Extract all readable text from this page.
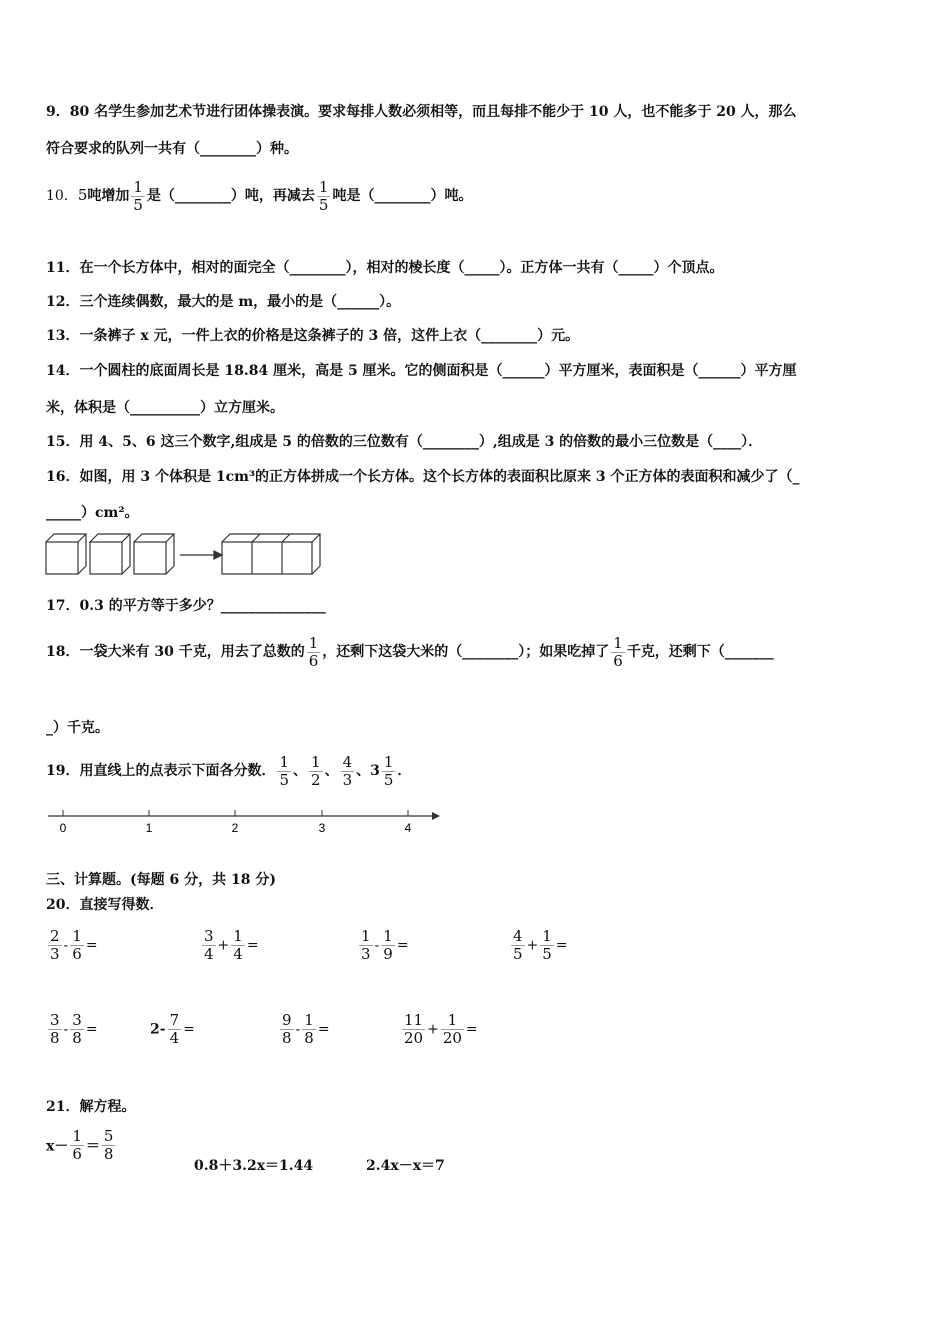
9．80 名学生参加艺术节进行团体操表演。要求每排人数必须相等，而且每排不能少于 10 人，也不能多于 20 人，那么
符合要求的队列一共有（________）种。
10．5吨增加 $\frac{1}{5}$ 是（________）吨，再减去 $\frac{1}{5}$ 吨是（________）吨。
11．在一个长方体中，相对的面完全（________），相对的棱长度（_____）。正方体一共有（_____）个顶点。
12．三个连续偶数，最大的是 m，最小的是（______）。
13．一条裤子 x 元，一件上衣的价格是这条裤子的 3 倍，这件上衣（________）元。
14．一个圆柱的底面周长是 18.84 厘米，高是 5 厘米。它的侧面积是（______）平方厘米，表面积是（______）平方厘
米，体积是（__________）立方厘米。
15．用 4、5、6 这三个数字,组成是 5 的倍数的三位数有（________）,组成是 3 的倍数的最小三位数是（____）．
16．如图，用 3 个体积是 1cm³的正方体拼成一个长方体。这个长方体的表面积比原来 3 个正方体的表面积和减少了（_
_____）cm²。
17．0.3 的平方等于多少？_______________
18．一袋大米有 30 千克，用去了总数的 $\frac{1}{6}$ ，还剩下这袋大米的（________）；如果吃掉了 $\frac{1}{6}$ 千克，还剩下（_______
_）千克。
19．用直线上的点表示下面各分数． $\frac{1}{5}$ 、 $\frac{1}{2}$ 、 $\frac{4}{3}$ 、$3 \frac{1}{5}$ ．
0	1	2	3	4
三、计算题。(每题 6 分，共 18 分)
20．直接写得数．
$\frac{2}{3} - \frac{1}{6}$ =	$\frac{3}{4} + \frac{1}{4}$ =	$\frac{1}{3} - \frac{1}{9}$ =	$\frac{4}{5} + \frac{1}{5}$ =
$\frac{3}{8} - \frac{3}{8}$ =	$2- \frac{7}{4}$ =	$\frac{9}{8} - \frac{1}{8}$ =	$\frac{11}{20} + \frac{1}{20}$ =
21．解方程。
$x- \frac{1}{6} = \frac{5}{8}$
0.8＋3.2x＝1.44	2.4x－x＝7
